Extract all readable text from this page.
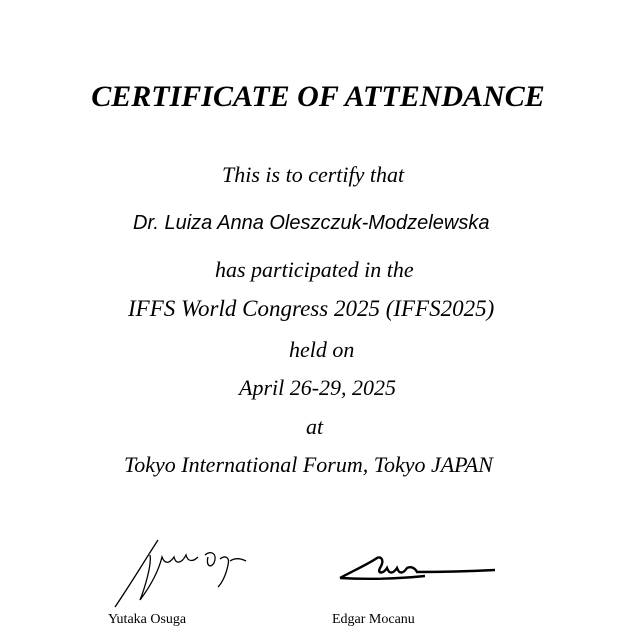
CERTIFICATE OF ATTENDANCE
This is to certify that
Dr. Luiza Anna Oleszczuk-Modzelewska
has participated in the
IFFS World Congress 2025 (IFFS2025)
held on
April 26-29, 2025
at
Tokyo International Forum, Tokyo JAPAN
Yutaka Osuga	Edgar Mocanu
